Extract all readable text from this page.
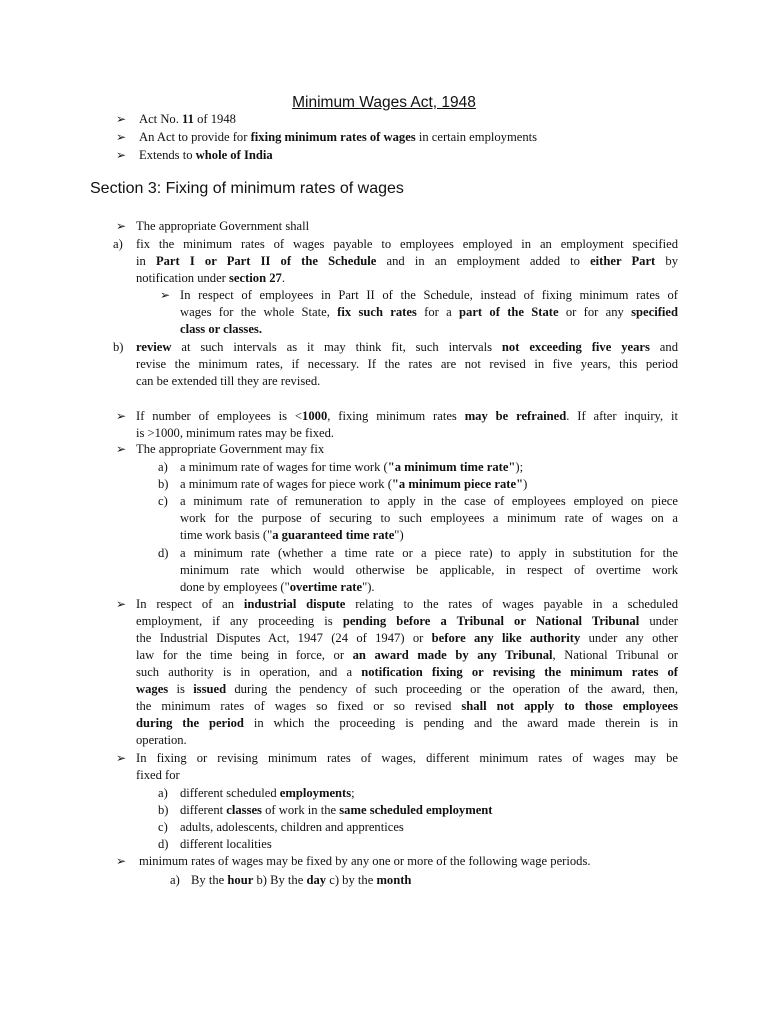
Minimum Wages Act, 1948
➢ Act No. 11 of 1948
➢ An Act to provide for fixing minimum rates of wages in certain employments
➢ Extends to whole of India
Section 3: Fixing of minimum rates of wages
➢ The appropriate Government shall
a) fix the minimum rates of wages payable to employees employed in an employment specified
in Part I or Part II of the Schedule and in an employment added to either Part by
notification under section 27.
➢ In respect of employees in Part II of the Schedule, instead of fixing minimum rates of
wages for the whole State, fix such rates for a part of the State or for any specified
class or classes.
b) review at such intervals as it may think fit, such intervals not exceeding five years and
revise the minimum rates, if necessary. If the rates are not revised in five years, this period
can be extended till they are revised.
➢ If number of employees is <1000, fixing minimum rates may be refrained. If after inquiry, it
is >1000, minimum rates may be fixed.
➢ The appropriate Government may fix
a) a minimum rate of wages for time work ("a minimum time rate");
b) a minimum rate of wages for piece work ("a minimum piece rate")
c) a minimum rate of remuneration to apply in the case of employees employed on piece
work for the purpose of securing to such employees a minimum rate of wages on a
time work basis ("a guaranteed time rate")
d) a minimum rate (whether a time rate or a piece rate) to apply in substitution for the
minimum rate which would otherwise be applicable, in respect of overtime work
done by employees ("overtime rate").
➢ In respect of an industrial dispute relating to the rates of wages payable in a scheduled
employment, if any proceeding is pending before a Tribunal or National Tribunal under
the Industrial Disputes Act, 1947 (24 of 1947) or before any like authority under any other
law for the time being in force, or an award made by any Tribunal, National Tribunal or
such authority is in operation, and a notification fixing or revising the minimum rates of
wages is issued during the pendency of such proceeding or the operation of the award, then,
the minimum rates of wages so fixed or so revised shall not apply to those employees
during the period in which the proceeding is pending and the award made therein is in
operation.
➢ In fixing or revising minimum rates of wages, different minimum rates of wages may be
fixed for
a) different scheduled employments;
b) different classes of work in the same scheduled employment
c) adults, adolescents, children and apprentices
d) different localities
➢ minimum rates of wages may be fixed by any one or more of the following wage periods.
a) By the hour b) By the day c) by the month
